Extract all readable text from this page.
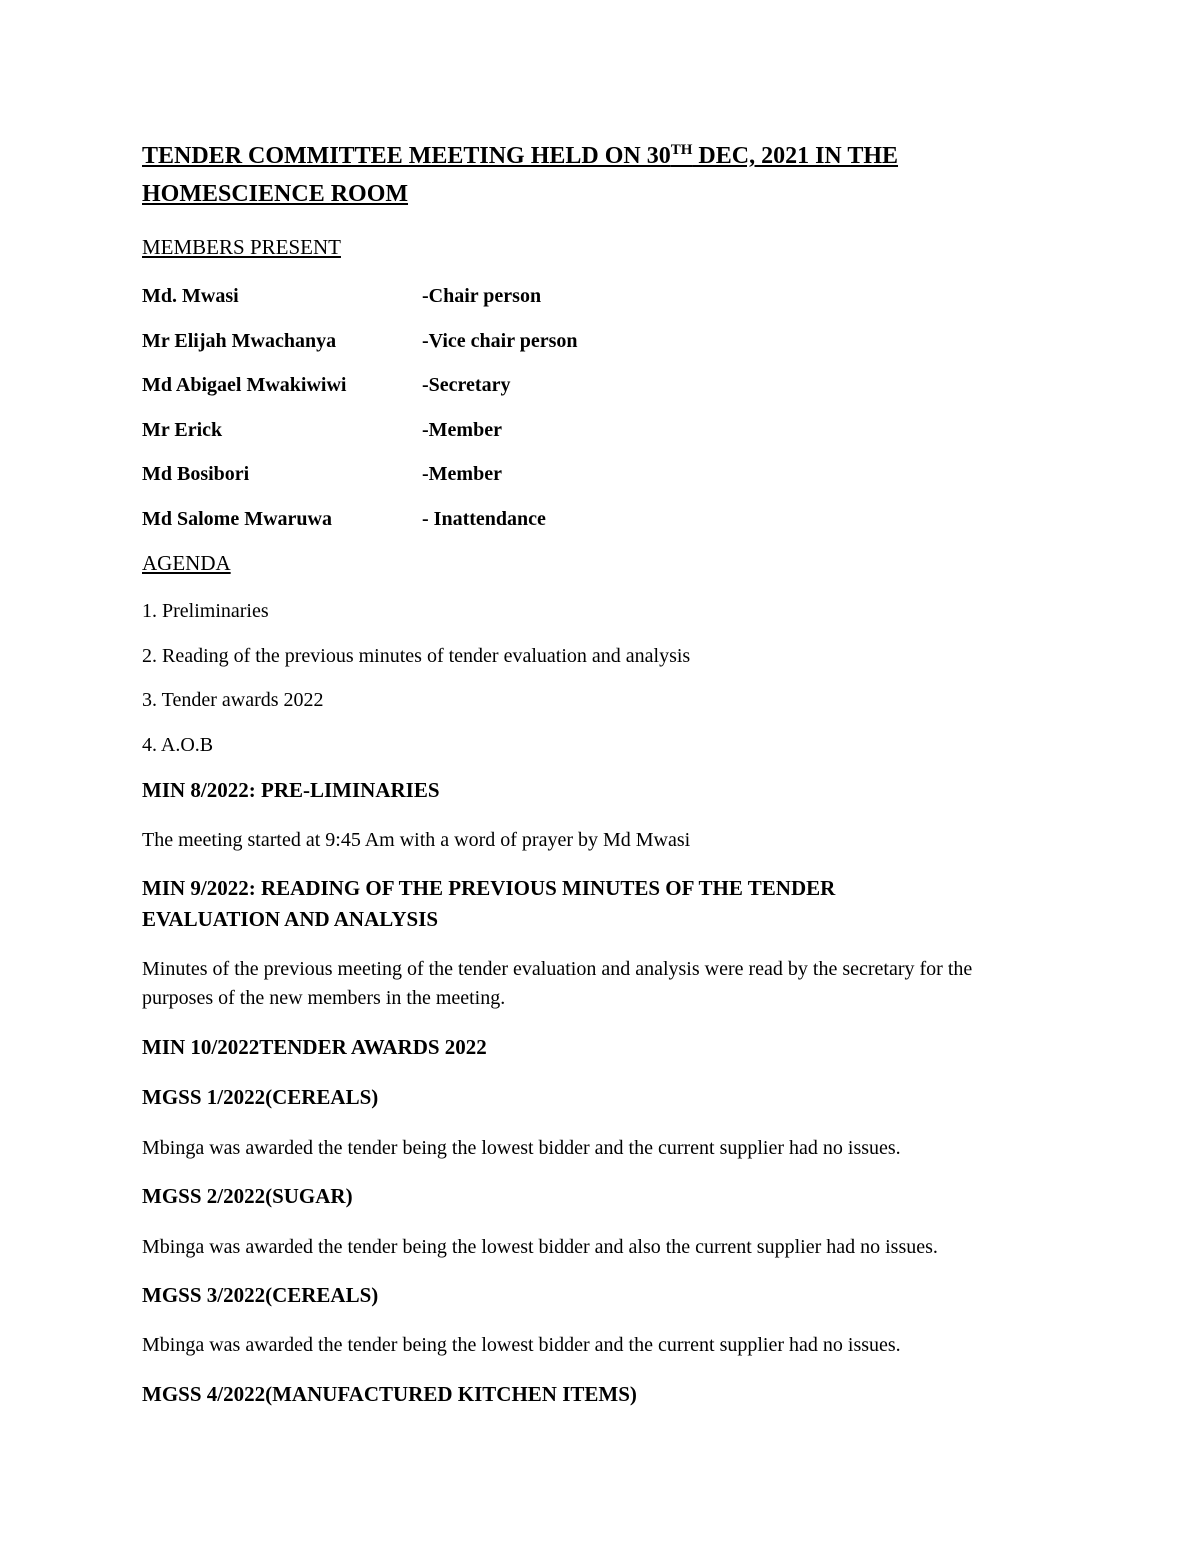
TENDER COMMITTEE MEETING HELD ON 30TH DEC, 2021 IN THE
HOMESCIENCE ROOM
MEMBERS PRESENT
Md. Mwasi	-Chair person
Mr Elijah Mwachanya	-Vice chair person
Md Abigael Mwakiwiwi	-Secretary
Mr Erick	-Member
Md Bosibori	-Member
Md Salome Mwaruwa	- Inattendance
AGENDA
1. Preliminaries
2. Reading of the previous minutes of tender evaluation and analysis
3. Tender awards 2022
4. A.O.B
MIN 8/2022: PRE-LIMINARIES
The meeting started at 9:45 Am with a word of prayer by Md Mwasi
MIN 9/2022: READING OF THE PREVIOUS MINUTES OF THE TENDER
EVALUATION AND ANALYSIS
Minutes of the previous meeting of the tender evaluation and analysis were read by the secretary for the
purposes of the new members in the meeting.
MIN 10/2022TENDER AWARDS 2022
MGSS 1/2022(CEREALS)
Mbinga was awarded the tender being the lowest bidder and the current supplier had no issues.
MGSS 2/2022(SUGAR)
Mbinga was awarded the tender being the lowest bidder and also the current supplier had no issues.
MGSS 3/2022(CEREALS)
Mbinga was awarded the tender being the lowest bidder and the current supplier had no issues.
MGSS 4/2022(MANUFACTURED KITCHEN ITEMS)
